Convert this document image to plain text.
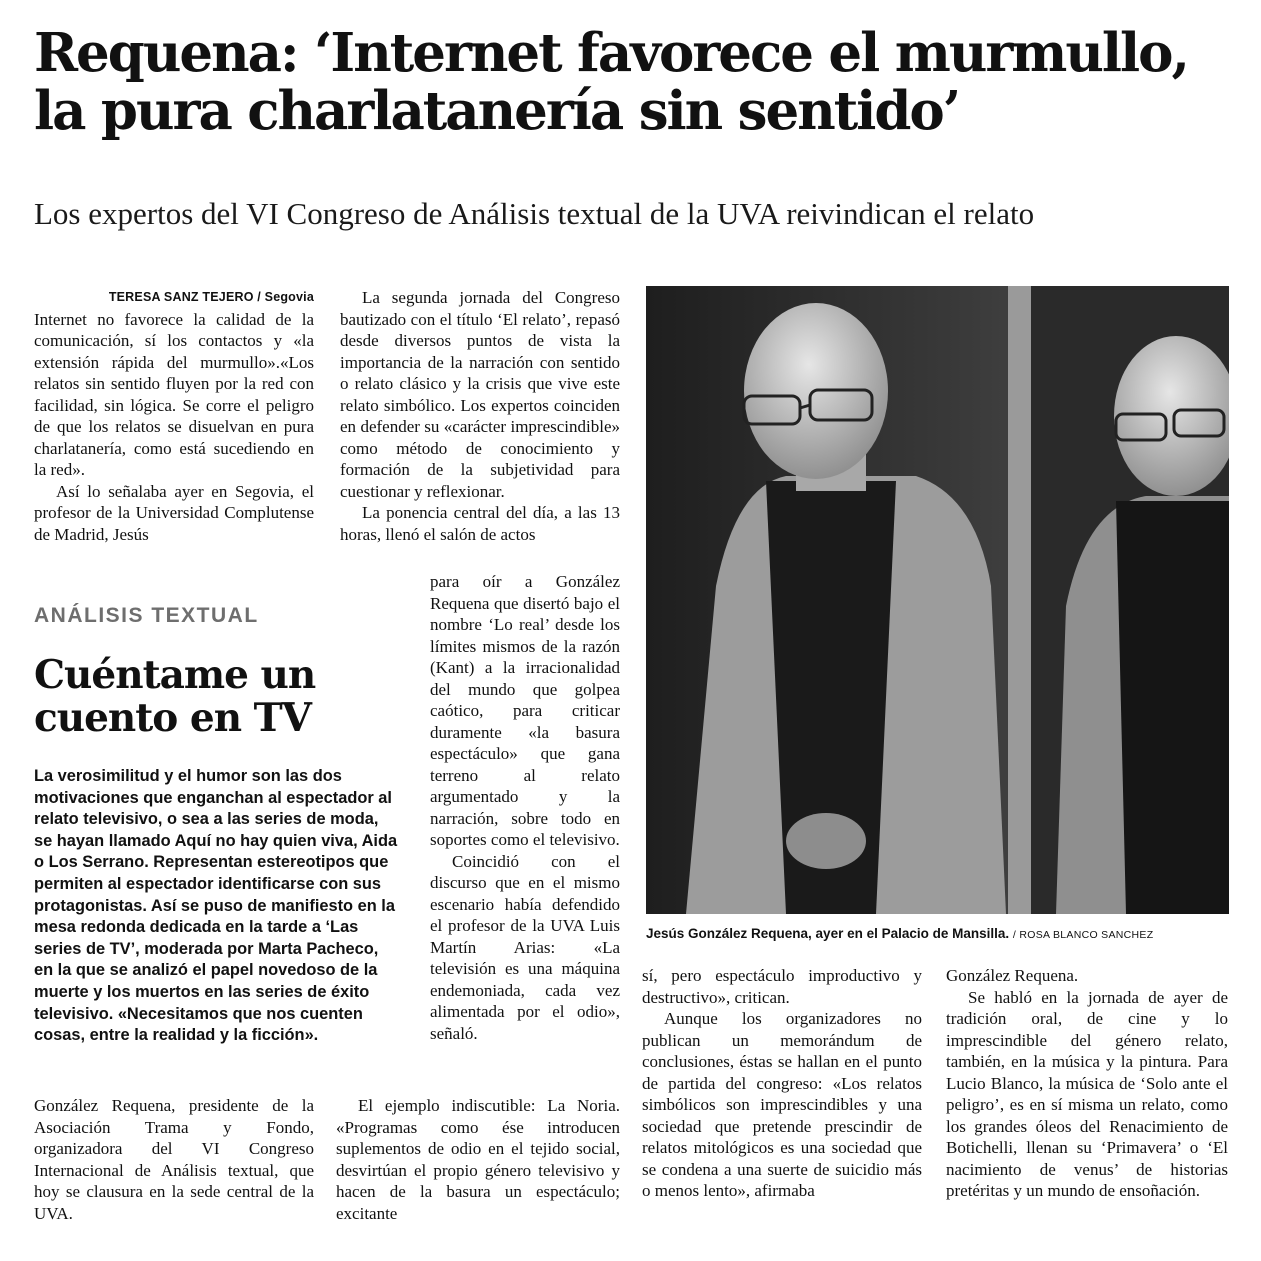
Requena: ‘Internet favorece el murmullo,
la pura charlatanería sin sentido’

Los expertos del VI Congreso de Análisis textual de la UVA reivindican el relato

TERESA SANZ TEJERO / Segovia

Internet no favorece la calidad de la comunicación, sí los contactos y «la extensión rápida del murmullo».«Los relatos sin sentido fluyen por la red con facilidad, sin lógica. Se corre el peligro de que los relatos se disuelvan en pura charlatanería, como está sucediendo en la red».

Así lo señalaba ayer en Segovia, el profesor de la Universidad Complutense de Madrid, Jesús

ANÁLISIS TEXTUAL

Cuéntame un cuento en TV

La verosimilitud y el humor son las dos motivaciones que enganchan al espectador al relato televisivo, o sea a las series de moda, se hayan llamado Aquí no hay quien viva, Aida o Los Serrano. Representan estereotipos que permiten al espectador identificarse con sus protagonistas. Así se puso de manifiesto en la mesa redonda dedicada en la tarde a ‘Las series de TV’, moderada por Marta Pacheco, en la que se analizó el papel novedoso de la muerte y los muertos en las series de éxito televisivo. «Necesitamos que nos cuenten cosas, entre la realidad y la ficción».

González Requena, presidente de la Asociación Trama y Fondo, organizadora del VI Congreso Internacional de Análisis textual, que hoy se clausura en la sede central de la UVA.

La segunda jornada del Congreso bautizado con el título ‘El relato’, repasó desde diversos puntos de vista la importancia de la narración con sentido o relato clásico y la crisis que vive este relato simbólico. Los expertos coinciden en defender su «carácter imprescindible» como método de conocimiento y formación de la subjetividad para cuestionar y reflexionar.

La ponencia central del día, a las 13 horas, llenó el salón de actos

para oír a González Requena que disertó bajo el nombre ‘Lo real’ desde los límites mismos de la razón (Kant) a la irracionalidad del mundo que golpea caótico, para criticar duramente «la basura espectáculo» que gana terreno al relato argumentado y la narración, sobre todo en soportes como el televisivo.

Coincidió con el discurso que en el mismo escenario había defendido el profesor de la UVA Luis Martín Arias: «La televisión es una máquina endemoniada, cada vez alimentada por el odio», señaló.

El ejemplo indiscutible: La Noria. «Programas como ése introducen suplementos de odio en el tejido social, desvirtúan el propio género televisivo y hacen de la basura un espectáculo; excitante

Jesús González Requena, ayer en el Palacio de Mansilla. / ROSA BLANCO SANCHEZ

sí, pero espectáculo improductivo y destructivo», critican.

Aunque los organizadores no publican un memorándum de conclusiones, éstas se hallan en el punto de partida del congreso: «Los relatos simbólicos son imprescindibles y una sociedad que pretende prescindir de relatos mitológicos es una sociedad que se condena a una suerte de suicidio más o menos lento», afirmaba

González Requena.

Se habló en la jornada de ayer de tradición oral, de cine y lo imprescindible del género relato, también, en la música y la pintura. Para Lucio Blanco, la música de ‘Solo ante el peligro’, es en sí misma un relato, como los grandes óleos del Renacimiento de Botichelli, llenan su ‘Primavera’ o ‘El nacimiento de venus’ de historias pretéritas y un mundo de ensoñación.
